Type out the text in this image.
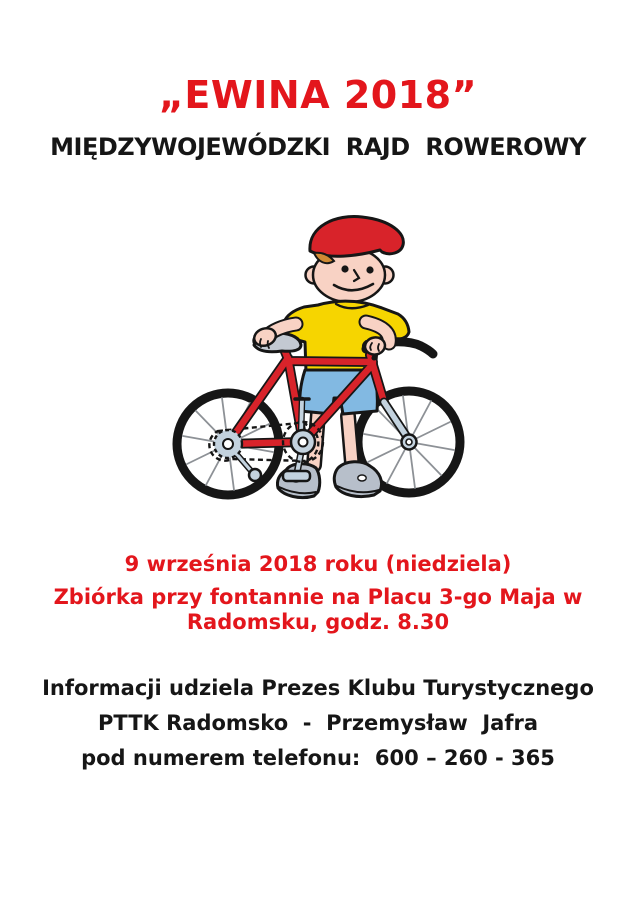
„EWINA 2018”
MIĘDZYWOJEWÓDZKI  RAJD  ROWEROWY

9 września 2018 roku (niedziela)

Zbiórka przy fontannie na Placu 3-go Maja w

Radomsku, godz. 8.30

Informacji udziela Prezes Klubu Turystycznego

PTTK Radomsko  -  Przemysław  Jafra

pod numerem telefonu:  600 – 260 - 365
